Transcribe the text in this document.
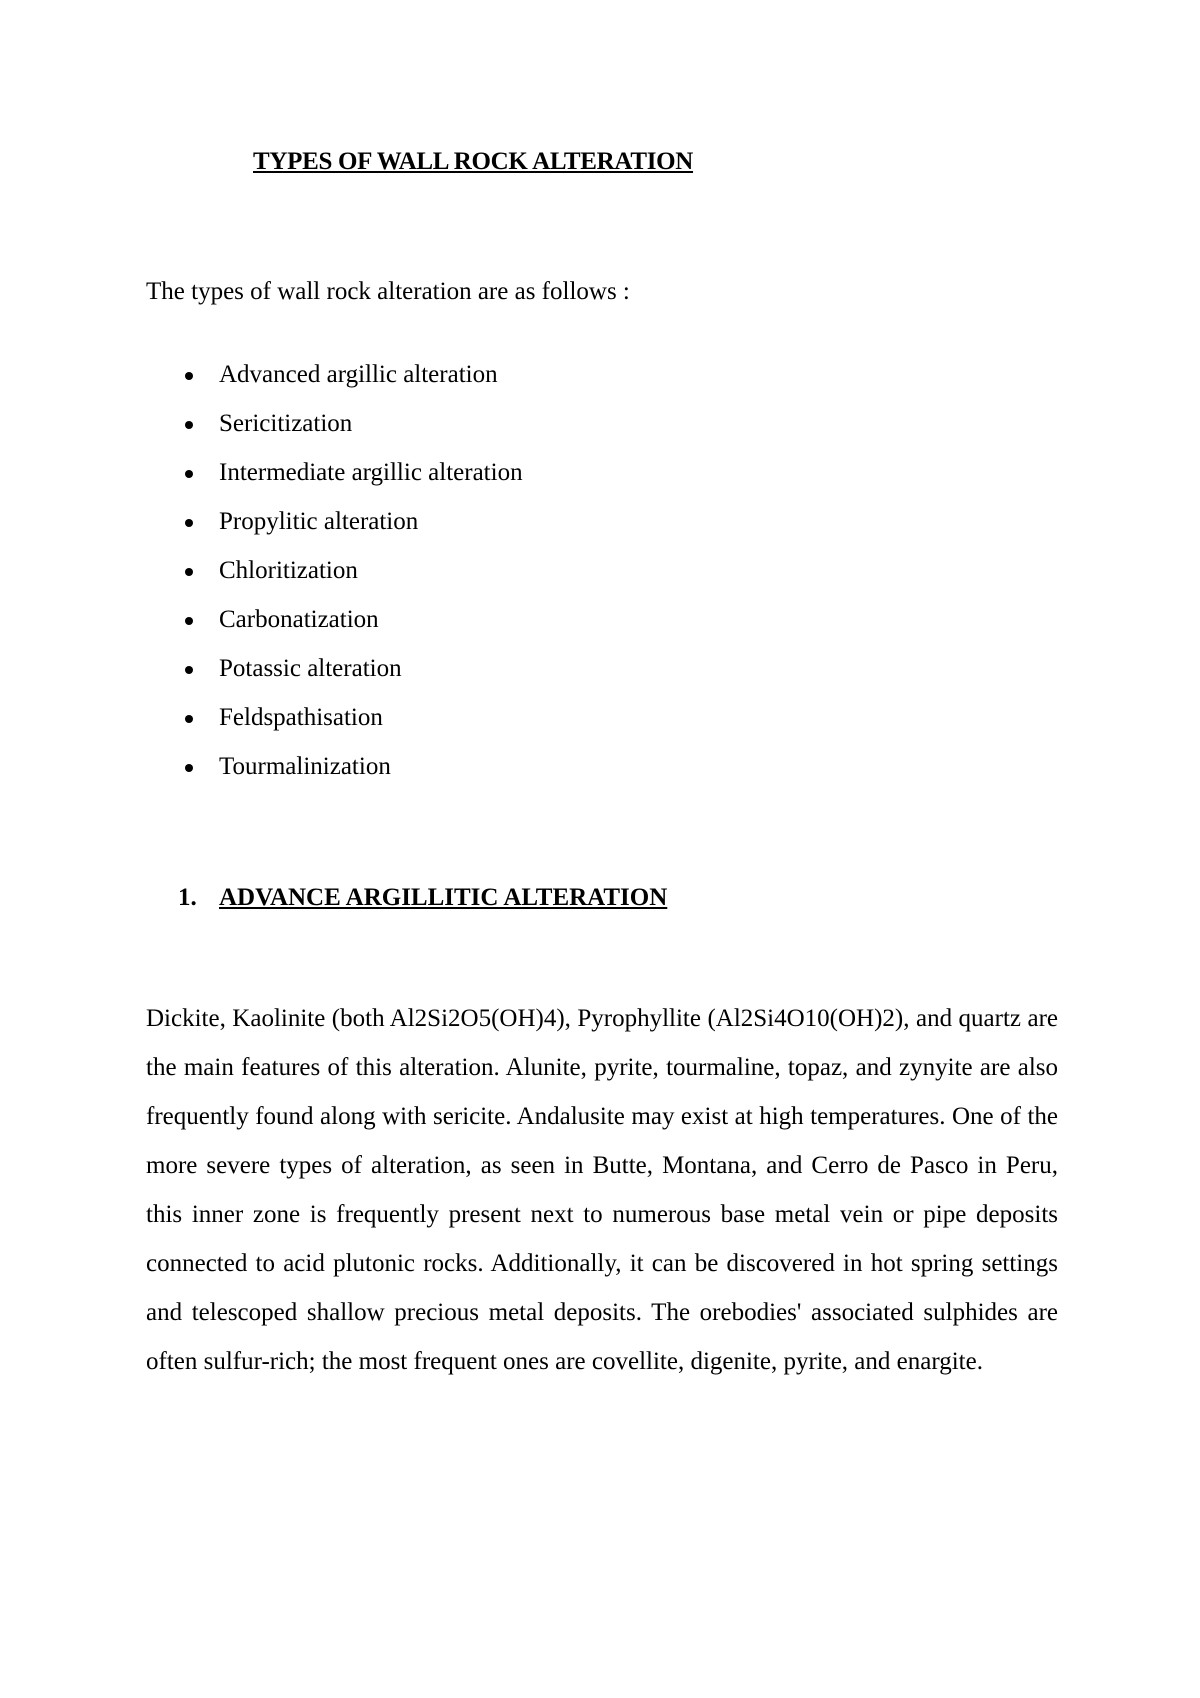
TYPES OF WALL ROCK ALTERATION

The types of wall rock alteration are as follows :

Advanced argillic alteration
Sericitization
Intermediate argillic alteration
Propylitic alteration
Chloritization
Carbonatization
Potassic alteration
Feldspathisation
Tourmalinization
1. ADVANCE ARGILLITIC ALTERATION

Dickite, Kaolinite (both Al2Si2O5(OH)4), Pyrophyllite (Al2Si4O10(OH)2), and quartz are the main features of this alteration. Alunite, pyrite, tourmaline, topaz, and zynyite are also frequently found along with sericite. Andalusite may exist at high temperatures. One of the more severe types of alteration, as seen in Butte, Montana, and Cerro de Pasco in Peru, this inner zone is frequently present next to numerous base metal vein or pipe deposits connected to acid plutonic rocks. Additionally, it can be discovered in hot spring settings and telescoped shallow precious metal deposits. The orebodies' associated sulphides are often sulfur-rich; the most frequent ones are covellite, digenite, pyrite, and enargite.
